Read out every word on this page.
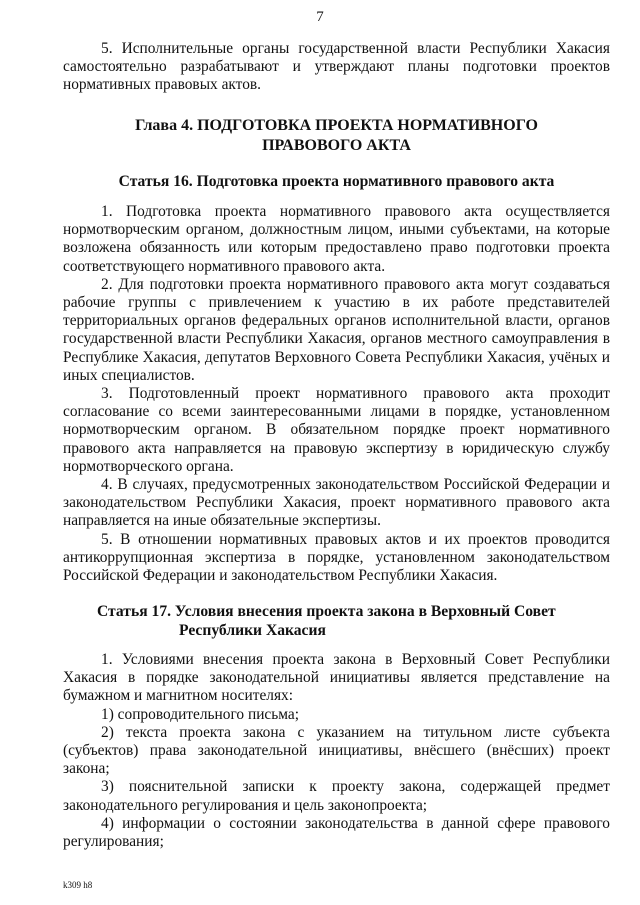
7

5. Исполнительные органы государственной власти Республики Хакасия самостоятельно разрабатывают и утверждают планы подготовки проектов нормативных правовых актов.

Глава 4. ПОДГОТОВКА ПРОЕКТА НОРМАТИВНОГО
ПРАВОВОГО АКТА
Статья 16. Подготовка проекта нормативного правового акта

1. Подготовка проекта нормативного правового акта осуществляется нормотворческим органом, должностным лицом, иными субъектами, на которые возложена обязанность или которым предоставлено право подготовки проекта соответствующего нормативного правового акта.

2. Для подготовки проекта нормативного правового акта могут создаваться рабочие группы с привлечением к участию в их работе представителей территориальных органов федеральных органов исполнительной власти, органов государственной власти Республики Хакасия, органов местного самоуправления в Республике Хакасия, депутатов Верховного Совета Республики Хакасия, учёных и иных специалистов.

3. Подготовленный проект нормативного правового акта проходит согласование со всеми заинтересованными лицами в порядке, установленном нормотворческим органом. В обязательном порядке проект нормативного правового акта направляется на правовую экспертизу в юридическую службу нормотворческого органа.

4. В случаях, предусмотренных законодательством Российской Федерации и законодательством Республики Хакасия, проект нормативного правового акта направляется на иные обязательные экспертизы.

5. В отношении нормативных правовых актов и их проектов проводится антикоррупционная экспертиза в порядке, установленном законодательством Российской Федерации и законодательством Республики Хакасия.

Статья 17. Условия внесения проекта закона в Верховный Совет
Республики Хакасия

1. Условиями внесения проекта закона в Верховный Совет Республики Хакасия в порядке законодательной инициативы является представление на бумажном и магнитном носителях:

1) сопроводительного письма;

2) текста проекта закона с указанием на титульном листе субъекта (субъектов) права законодательной инициативы, внёсшего (внёсших) проект закона;

3) пояснительной записки к проекту закона, содержащей предмет законодательного регулирования и цель законопроекта;

4) информации о состоянии законодательства в данной сфере правового регулирования;

k309 h8
